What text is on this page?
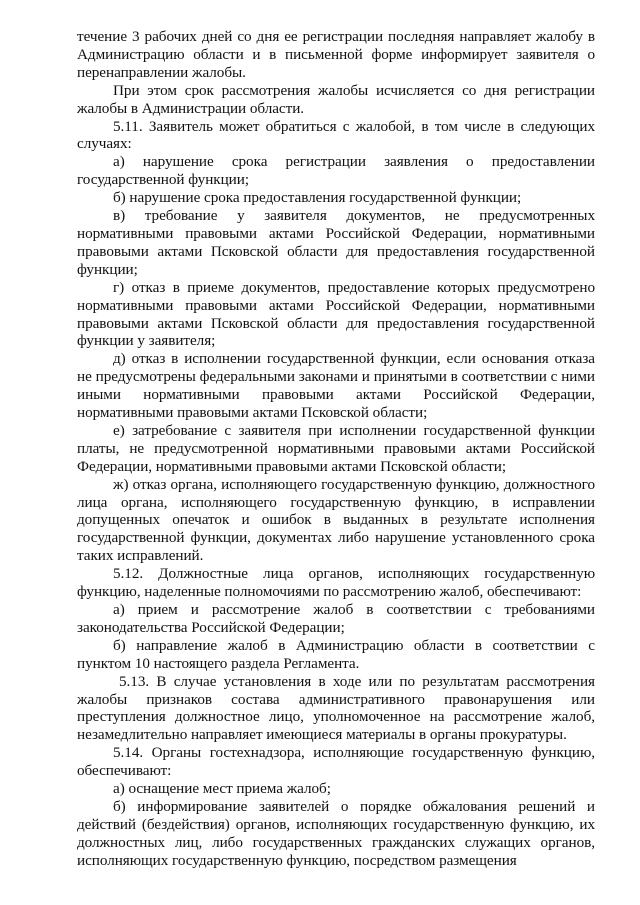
течение 3 рабочих дней со дня ее регистрации последняя направляет жалобу в Администрацию области и в письменной форме информирует заявителя о перенаправлении жалобы.

При этом срок рассмотрения жалобы исчисляется со дня регистрации жалобы в Администрации области.

5.11. Заявитель может обратиться с жалобой, в том числе в следующих случаях:

а) нарушение срока регистрации заявления о предоставлении государственной функции;

б) нарушение срока предоставления государственной функции;

в) требование у заявителя документов, не предусмотренных нормативными правовыми актами Российской Федерации, нормативными правовыми актами Псковской области для предоставления государственной функции;

г) отказ в приеме документов, предоставление которых предусмотрено нормативными правовыми актами Российской Федерации, нормативными правовыми актами Псковской области для предоставления государственной функции у заявителя;

д) отказ в исполнении государственной функции, если основания отказа не предусмотрены федеральными законами и принятыми в соответствии с ними иными нормативными правовыми актами Российской Федерации, нормативными правовыми актами Псковской области;

е) затребование с заявителя при исполнении государственной функции платы, не предусмотренной нормативными правовыми актами Российской Федерации, нормативными правовыми актами Псковской области;

ж) отказ органа, исполняющего государственную функцию, должностного лица органа, исполняющего государственную функцию, в исправлении допущенных опечаток и ошибок в выданных в результате исполнения государственной функции, документах либо нарушение установленного срока таких исправлений.

5.12. Должностные лица органов, исполняющих государственную функцию, наделенные полномочиями по рассмотрению жалоб, обеспечивают:

а) прием и рассмотрение жалоб в соответствии с требованиями законодательства Российской Федерации;

б) направление жалоб в Администрацию области в соответствии с пунктом 10 настоящего раздела Регламента.

5.13. В случае установления в ходе или по результатам рассмотрения жалобы признаков состава административного правонарушения или преступления должностное лицо, уполномоченное на рассмотрение жалоб, незамедлительно направляет имеющиеся материалы в органы прокуратуры.

5.14. Органы гостехнадзора, исполняющие государственную функцию, обеспечивают:

а) оснащение мест приема жалоб;

б) информирование заявителей о порядке обжалования решений и действий (бездействия) органов, исполняющих государственную функцию, их должностных лиц, либо государственных гражданских служащих органов, исполняющих государственную функцию, посредством размещения
